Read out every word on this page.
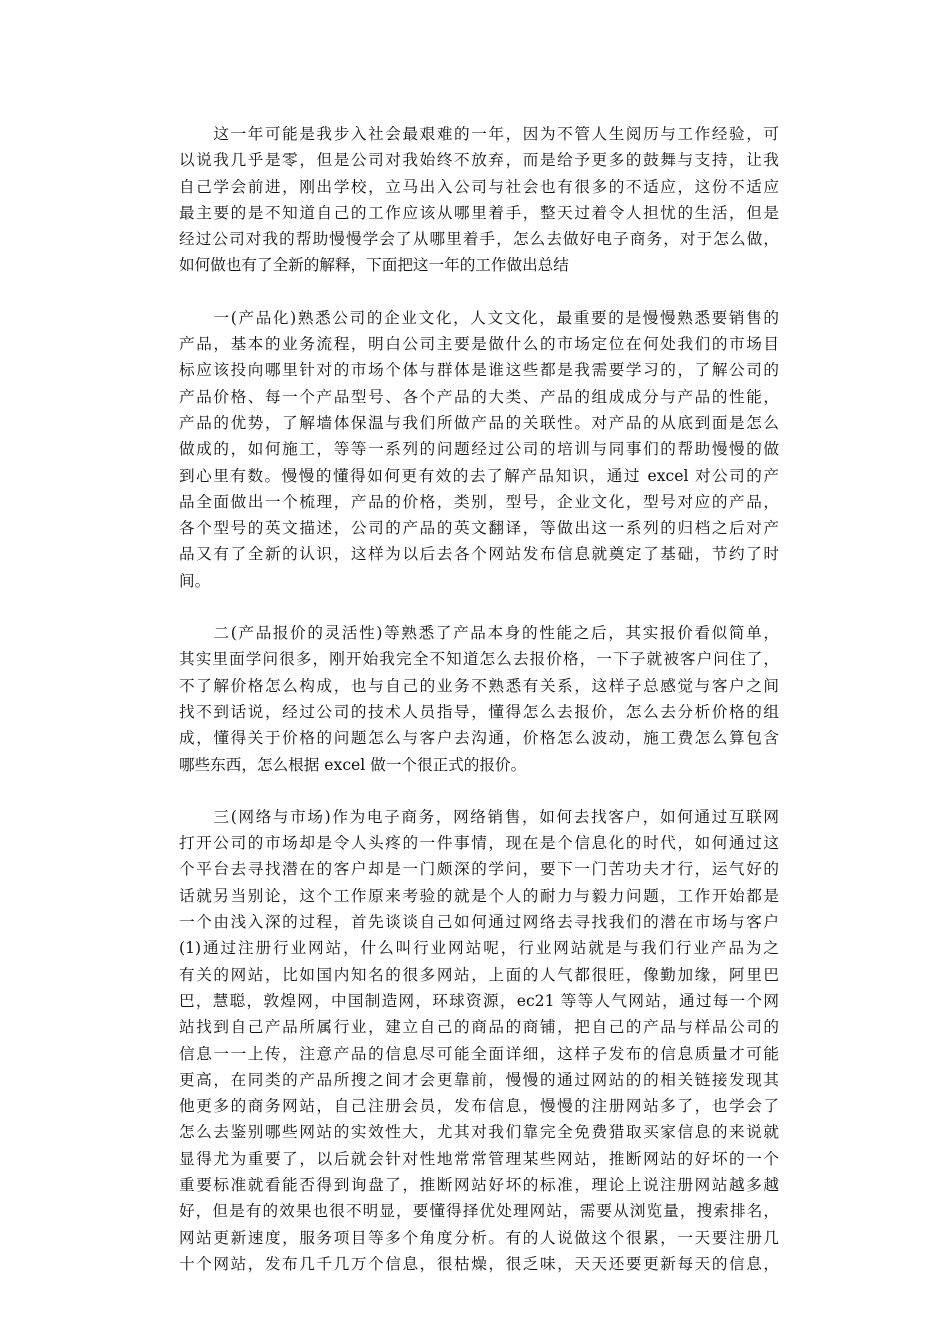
　　这一年可能是我步入社会最艰难的一年，因为不管人生阅历与工作经验，可
以说我几乎是零，但是公司对我始终不放弃，而是给予更多的鼓舞与支持，让我
自己学会前进，刚出学校，立马出入公司与社会也有很多的不适应，这份不适应
最主要的是不知道自己的工作应该从哪里着手，整天过着令人担忧的生活，但是
经过公司对我的帮助慢慢学会了从哪里着手，怎么去做好电子商务，对于怎么做，
如何做也有了全新的解释，下面把这一年的工作做出总结
　　一(产品化)熟悉公司的企业文化，人文文化，最重要的是慢慢熟悉要销售的
产品，基本的业务流程，明白公司主要是做什么的市场定位在何处我们的市场目
标应该投向哪里针对的市场个体与群体是谁这些都是我需要学习的，了解公司的
产品价格、每一个产品型号、各个产品的大类、产品的组成成分与产品的性能，
产品的优势，了解墙体保温与我们所做产品的关联性。对产品的从底到面是怎么
做成的，如何施工，等等一系列的问题经过公司的培训与同事们的帮助慢慢的做
到心里有数。慢慢的懂得如何更有效的去了解产品知识，通过 excel 对公司的产
品全面做出一个梳理，产品的价格，类别，型号，企业文化，型号对应的产品，
各个型号的英文描述，公司的产品的英文翻译，等做出这一系列的归档之后对产
品又有了全新的认识，这样为以后去各个网站发布信息就奠定了基础，节约了时
间。
　　二(产品报价的灵活性)等熟悉了产品本身的性能之后，其实报价看似简单，
其实里面学问很多，刚开始我完全不知道怎么去报价格，一下子就被客户问住了，
不了解价格怎么构成，也与自己的业务不熟悉有关系，这样子总感觉与客户之间
找不到话说，经过公司的技术人员指导，懂得怎么去报价，怎么去分析价格的组
成，懂得关于价格的问题怎么与客户去沟通，价格怎么波动，施工费怎么算包含
哪些东西，怎么根据 excel 做一个很正式的报价。
　　三(网络与市场)作为电子商务，网络销售，如何去找客户，如何通过互联网
打开公司的市场却是令人头疼的一件事情，现在是个信息化的时代，如何通过这
个平台去寻找潜在的客户却是一门颇深的学问，要下一门苦功夫才行，运气好的
话就另当别论，这个工作原来考验的就是个人的耐力与毅力问题，工作开始都是
一个由浅入深的过程，首先谈谈自己如何通过网络去寻找我们的潜在市场与客户
(1)通过注册行业网站，什么叫行业网站呢，行业网站就是与我们行业产品为之
有关的网站，比如国内知名的很多网站，上面的人气都很旺，像勤加缘，阿里巴
巴，慧聪，敦煌网，中国制造网，环球资源，ec21 等等人气网站，通过每一个网
站找到自己产品所属行业，建立自己的商品的商铺，把自己的产品与样品公司的
信息一一上传，注意产品的信息尽可能全面详细，这样子发布的信息质量才可能
更高，在同类的产品所搜之间才会更靠前，慢慢的通过网站的的相关链接发现其
他更多的商务网站，自己注册会员，发布信息，慢慢的注册网站多了，也学会了
怎么去鉴别哪些网站的实效性大，尤其对我们靠完全免费猎取买家信息的来说就
显得尤为重要了，以后就会针对性地常常管理某些网站，推断网站的好坏的一个
重要标准就看能否得到询盘了，推断网站好坏的标准，理论上说注册网站越多越
好，但是有的效果也很不明显，要懂得择优处理网站，需要从浏览量，搜索排名，
网站更新速度，服务项目等多个角度分析。有的人说做这个很累，一天要注册几
十个网站，发布几千几万个信息，很枯燥，很乏味，天天还要更新每天的信息，
